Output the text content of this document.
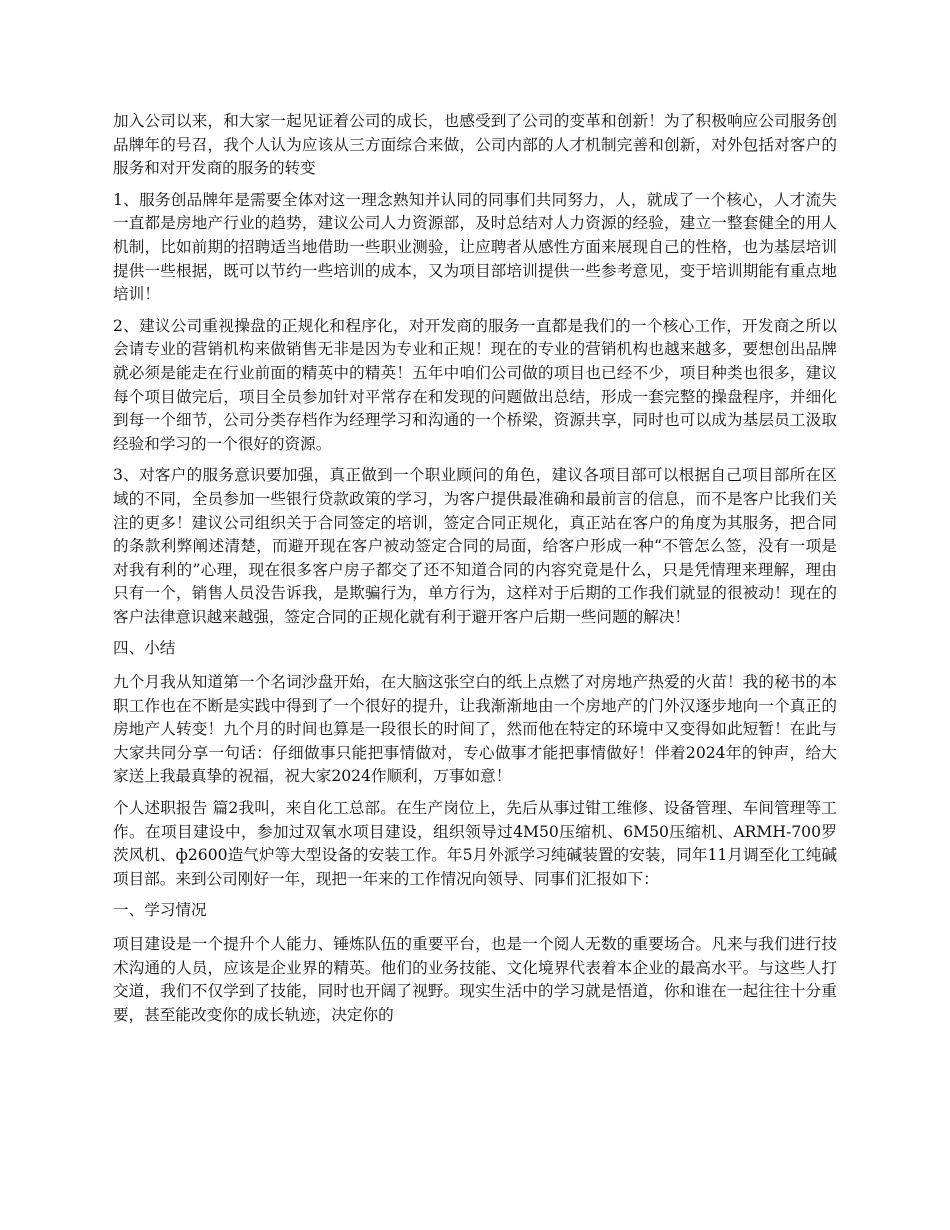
加入公司以来，和大家一起见证着公司的成长，也感受到了公司的变革和创新！为了积极响应公司服务创品牌年的号召，我个人认为应该从三方面综合来做，公司内部的人才机制完善和创新，对外包括对客户的服务和对开发商的服务的转变

1、服务创品牌年是需要全体对这一理念熟知并认同的同事们共同努力，人，就成了一个核心，人才流失一直都是房地产行业的趋势，建议公司人力资源部，及时总结对人力资源的经验，建立一整套健全的用人机制，比如前期的招聘适当地借助一些职业测验，让应聘者从感性方面来展现自己的性格，也为基层培训提供一些根据，既可以节约一些培训的成本，又为项目部培训提供一些参考意见，变于培训期能有重点地培训！

2、建议公司重视操盘的正规化和程序化，对开发商的服务一直都是我们的一个核心工作，开发商之所以会请专业的营销机构来做销售无非是因为专业和正规！现在的专业的营销机构也越来越多，要想创出品牌就必须是能走在行业前面的精英中的精英！五年中咱们公司做的项目也已经不少，项目种类也很多，建议每个项目做完后，项目全员参加针对平常存在和发现的问题做出总结，形成一套完整的操盘程序，并细化到每一个细节，公司分类存档作为经理学习和沟通的一个桥梁，资源共享，同时也可以成为基层员工汲取经验和学习的一个很好的资源。

3、对客户的服务意识要加强，真正做到一个职业顾问的角色，建议各项目部可以根据自己项目部所在区域的不同，全员参加一些银行贷款政策的学习，为客户提供最准确和最前言的信息，而不是客户比我们关注的更多！建议公司组织关于合同签定的培训，签定合同正规化，真正站在客户的角度为其服务，把合同的条款利弊阐述清楚，而避开现在客户被动签定合同的局面，给客户形成一种“不管怎么签，没有一项是对我有利的”心理，现在很多客户房子都交了还不知道合同的内容究竟是什么，只是凭情理来理解，理由只有一个，销售人员没告诉我，是欺骗行为，单方行为，这样对于后期的工作我们就显的很被动！现在的客户法律意识越来越强，签定合同的正规化就有利于避开客户后期一些问题的解决！

四、小结

九个月我从知道第一个名词沙盘开始，在大脑这张空白的纸上点燃了对房地产热爱的火苗！我的秘书的本职工作也在不断是实践中得到了一个很好的提升，让我渐渐地由一个房地产的门外汉逐步地向一个真正的房地产人转变！九个月的时间也算是一段很长的时间了，然而他在特定的环境中又变得如此短暂！在此与大家共同分享一句话：仔细做事只能把事情做对，专心做事才能把事情做好！伴着2024年的钟声，给大家送上我最真挚的祝福，祝大家2024作顺利，万事如意！

个人述职报告 篇2我叫，来自化工总部。在生产岗位上，先后从事过钳工维修、设备管理、车间管理等工作。在项目建设中，参加过双氧水项目建设，组织领导过4M50压缩机、6M50压缩机、ARMH-700罗茨风机、ф2600造气炉等大型设备的安装工作。年5月外派学习纯碱装置的安装，同年11月调至化工纯碱项目部。来到公司刚好一年，现把一年来的工作情况向领导、同事们汇报如下：

一、学习情况

项目建设是一个提升个人能力、锤炼队伍的重要平台，也是一个阅人无数的重要场合。凡来与我们进行技术沟通的人员，应该是企业界的精英。他们的业务技能、文化境界代表着本企业的最高水平。与这些人打交道，我们不仅学到了技能，同时也开阔了视野。现实生活中的学习就是悟道，你和谁在一起往往十分重要，甚至能改变你的成长轨迹，决定你的
